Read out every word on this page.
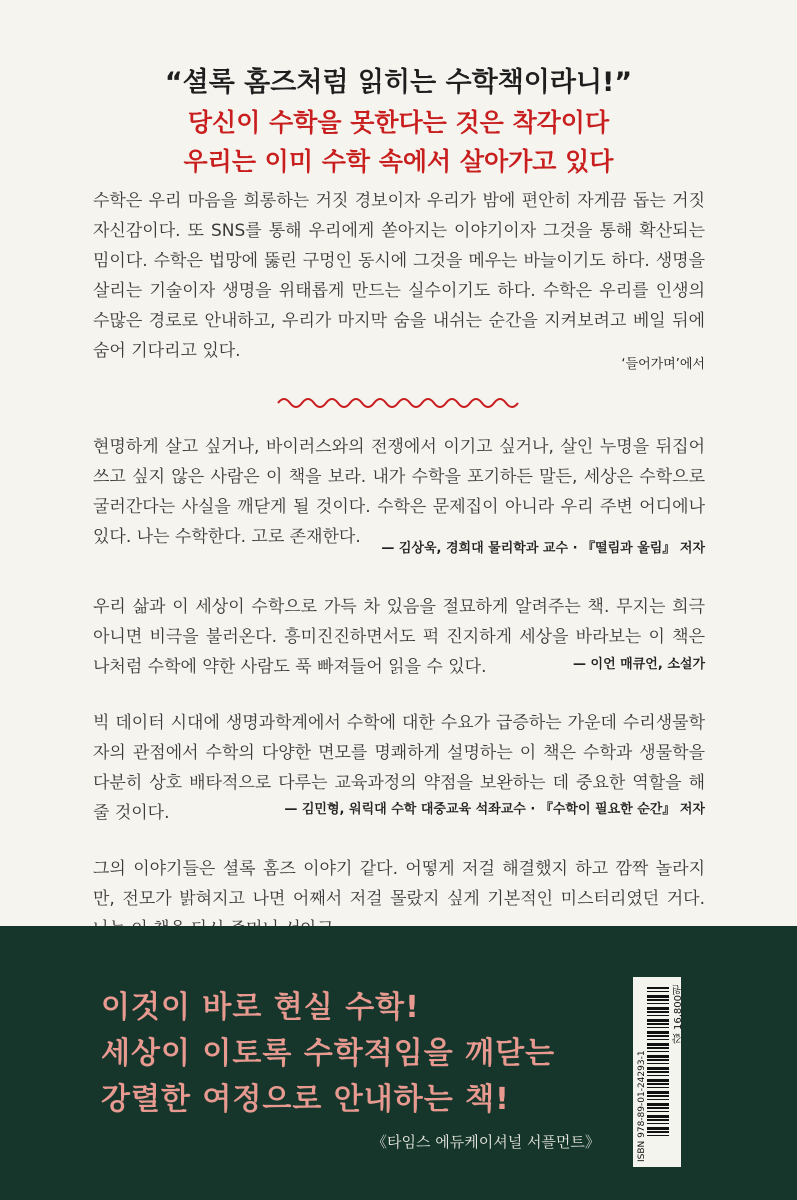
“셜록 홈즈처럼 읽히는 수학책이라니!”
당신이 수학을 못한다는 것은 착각이다
우리는 이미 수학 속에서 살아가고 있다

수학은 우리 마음을 희롱하는 거짓 경보이자 우리가 밤에 편안히 자게끔 돕는 거짓 자신감이다. 또 SNS를 통해 우리에게 쏟아지는 이야기이자 그것을 통해 확산되는 밈이다. 수학은 법망에 뚫린 구멍인 동시에 그것을 메우는 바늘이기도 하다. 생명을 살리는 기술이자 생명을 위태롭게 만드는 실수이기도 하다. 수학은 우리를 인생의 수많은 경로로 안내하고, 우리가 마지막 숨을 내쉬는 순간을 지켜보려고 베일 뒤에 숨어 기다리고 있다.

‘들어가며’에서

현명하게 살고 싶거나, 바이러스와의 전쟁에서 이기고 싶거나, 살인 누명을 뒤집어쓰고 싶지 않은 사람은 이 책을 보라. 내가 수학을 포기하든 말든, 세상은 수학으로 굴러간다는 사실을 깨닫게 될 것이다. 수학은 문제집이 아니라 우리 주변 어디에나 있다. 나는 수학한다. 고로 존재한다.

— 김상욱, 경희대 물리학과 교수 · 『떨림과 울림』 저자

우리 삶과 이 세상이 수학으로 가득 차 있음을 절묘하게 알려주는 책. 무지는 희극 아니면 비극을 불러온다. 흥미진진하면서도 퍽 진지하게 세상을 바라보는 이 책은 나처럼 수학에 약한 사람도 푹 빠져들어 읽을 수 있다.	— 이언 매큐언, 소설가

빅 데이터 시대에 생명과학계에서 수학에 대한 수요가 급증하는 가운데 수리생물학자의 관점에서 수학의 다양한 면모를 명쾌하게 설명하는 이 책은 수학과 생물학을 다분히 상호 배타적으로 다루는 교육과정의 약점을 보완하는 데 중요한 역할을 해줄 것이다.	— 김민형, 워릭대 수학 대중교육 석좌교수 · 『수학이 필요한 순간』 저자

그의 이야기들은 셜록 홈즈 이야기 같다. 어떻게 저걸 해결했지 하고 깜짝 놀라지만, 전모가 밝혀지고 나면 어째서 저걸 몰랐지 싶게 기본적인 미스터리였던 거다.

이것이 바로 현실 수학!
세상이 이토록 수학적임을 깨닫는
강렬한 여정으로 안내하는 책!
《타임스 에듀케이셔널 서플먼트》	ISBN 978-89-01-24293-1
값 16,800원
